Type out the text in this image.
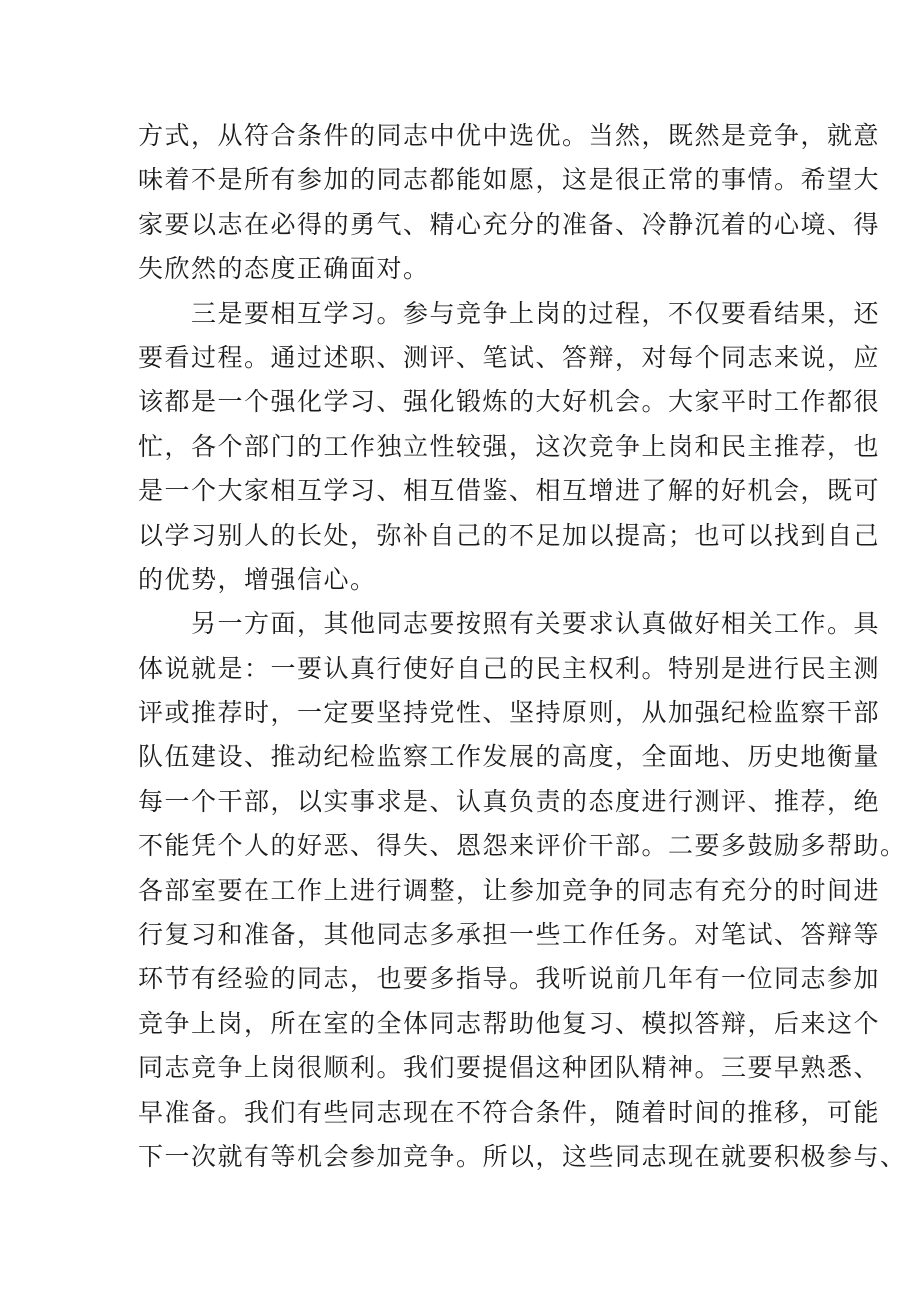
方式，从符合条件的同志中优中选优。当然，既然是竞争，就意
味着不是所有参加的同志都能如愿，这是很正常的事情。希望大
家要以志在必得的勇气、精心充分的准备、冷静沉着的心境、得
失欣然的态度正确面对。
　　三是要相互学习。参与竞争上岗的过程，不仅要看结果，还
要看过程。通过述职、测评、笔试、答辩，对每个同志来说，应
该都是一个强化学习、强化锻炼的大好机会。大家平时工作都很
忙，各个部门的工作独立性较强，这次竞争上岗和民主推荐，也
是一个大家相互学习、相互借鉴、相互增进了解的好机会，既可
以学习别人的长处，弥补自己的不足加以提高；也可以找到自己
的优势，增强信心。
　　另一方面，其他同志要按照有关要求认真做好相关工作。具
体说就是：一要认真行使好自己的民主权利。特别是进行民主测
评或推荐时，一定要坚持党性、坚持原则，从加强纪检监察干部
队伍建设、推动纪检监察工作发展的高度，全面地、历史地衡量
每一个干部，以实事求是、认真负责的态度进行测评、推荐，绝
不能凭个人的好恶、得失、恩怨来评价干部。二要多鼓励多帮助。
各部室要在工作上进行调整，让参加竞争的同志有充分的时间进
行复习和准备，其他同志多承担一些工作任务。对笔试、答辩等
环节有经验的同志，也要多指导。我听说前几年有一位同志参加
竞争上岗，所在室的全体同志帮助他复习、模拟答辩，后来这个
同志竞争上岗很顺利。我们要提倡这种团队精神。三要早熟悉、
早准备。我们有些同志现在不符合条件，随着时间的推移，可能
下一次就有等机会参加竞争。所以，这些同志现在就要积极参与、
